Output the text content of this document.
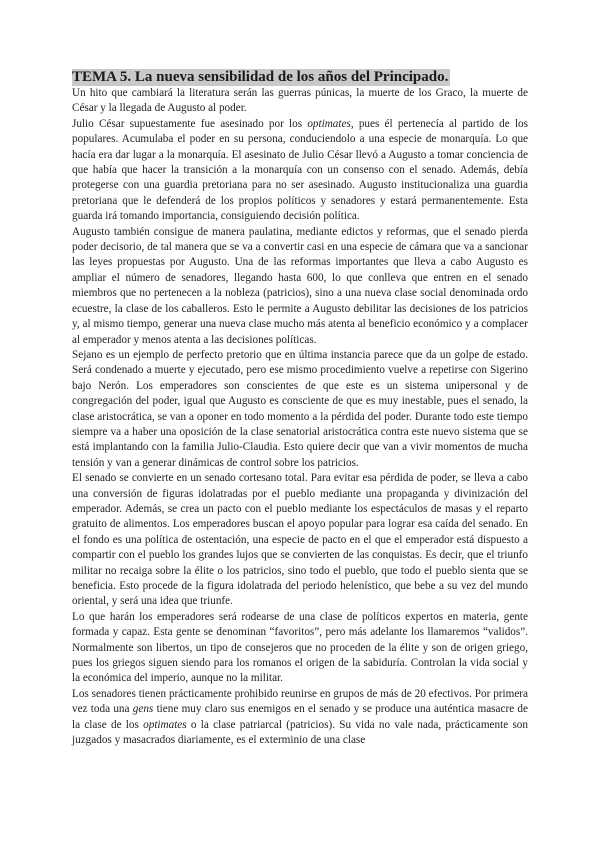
TEMA 5. La nueva sensibilidad de los años del Principado.

Un hito que cambiará la literatura serán las guerras púnicas, la muerte de los Graco, la muerte de César y la llegada de Augusto al poder.

Julio César supuestamente fue asesinado por los optimates, pues él pertenecía al partido de los populares. Acumulaba el poder en su persona, conduciendolo a una especie de monarquía. Lo que hacía era dar lugar a la monarquía. El asesinato de Julio César llevó a Augusto a tomar conciencia de que había que hacer la transición a la monarquía con un consenso con el senado. Además, debía protegerse con una guardia pretoriana para no ser asesinado. Augusto institucionaliza una guardia pretoriana que le defenderá de los propios políticos y senadores y estará permanentemente. Esta guarda irá tomando importancia, consiguiendo decisión política.

Augusto también consigue de manera paulatina, mediante edictos y reformas, que el senado pierda poder decisorio, de tal manera que se va a convertir casi en una especie de cámara que va a sancionar las leyes propuestas por Augusto. Una de las reformas importantes que lleva a cabo Augusto es ampliar el número de senadores, llegando hasta 600, lo que conlleva que entren en el senado miembros que no pertenecen a la nobleza (patricios), sino a una nueva clase social denominada ordo ecuestre, la clase de los caballeros. Esto le permite a Augusto debilitar las decisiones de los patricios y, al mismo tiempo, generar una nueva clase mucho más atenta al beneficio económico y a complacer al emperador y menos atenta a las decisiones políticas.

Sejano es un ejemplo de perfecto pretorio que en última instancia parece que da un golpe de estado. Será condenado a muerte y ejecutado, pero ese mismo procedimiento vuelve a repetirse con Sigerino bajo Nerón. Los emperadores son conscientes de que este es un sistema unipersonal y de congregación del poder, igual que Augusto es consciente de que es muy inestable, pues el senado, la clase aristocrática, se van a oponer en todo momento a la pérdida del poder. Durante todo este tiempo siempre va a haber una oposición de la clase senatorial aristocrática contra este nuevo sistema que se está implantando con la familia Julio-Claudia. Esto quiere decir que van a vivir momentos de mucha tensión y van a generar dinámicas de control sobre los patricios.

El senado se convierte en un senado cortesano total. Para evitar esa pérdida de poder, se lleva a cabo una conversión de figuras idolatradas por el pueblo mediante una propaganda y divinización del emperador. Además, se crea un pacto con el pueblo mediante los espectáculos de masas y el reparto gratuito de alimentos. Los emperadores buscan el apoyo popular para lograr esa caída del senado. En el fondo es una política de ostentación, una especie de pacto en el que el emperador está dispuesto a compartir con el pueblo los grandes lujos que se convierten de las conquistas. Es decir, que el triunfo militar no recaiga sobre la élite o los patricios, sino todo el pueblo, que todo el pueblo sienta que se beneficia. Esto procede de la figura idolatrada del periodo helenístico, que bebe a su vez del mundo oriental, y será una idea que triunfe.

Lo que harán los emperadores será rodearse de una clase de políticos expertos en materia, gente formada y capaz. Esta gente se denominan “favoritos”, pero más adelante los llamaremos “validos”. Normalmente son libertos, un tipo de consejeros que no proceden de la élite y son de origen griego, pues los griegos siguen siendo para los romanos el origen de la sabiduría. Controlan la vida social y la económica del imperio, aunque no la militar.

Los senadores tienen prácticamente prohibido reunirse en grupos de más de 20 efectivos. Por primera vez toda una gens tiene muy claro sus enemigos en el senado y se produce una auténtica masacre de la clase de los optimates o la clase patriarcal (patricios). Su vida no vale nada, prácticamente son juzgados y masacrados diariamente, es el exterminio de una clase
